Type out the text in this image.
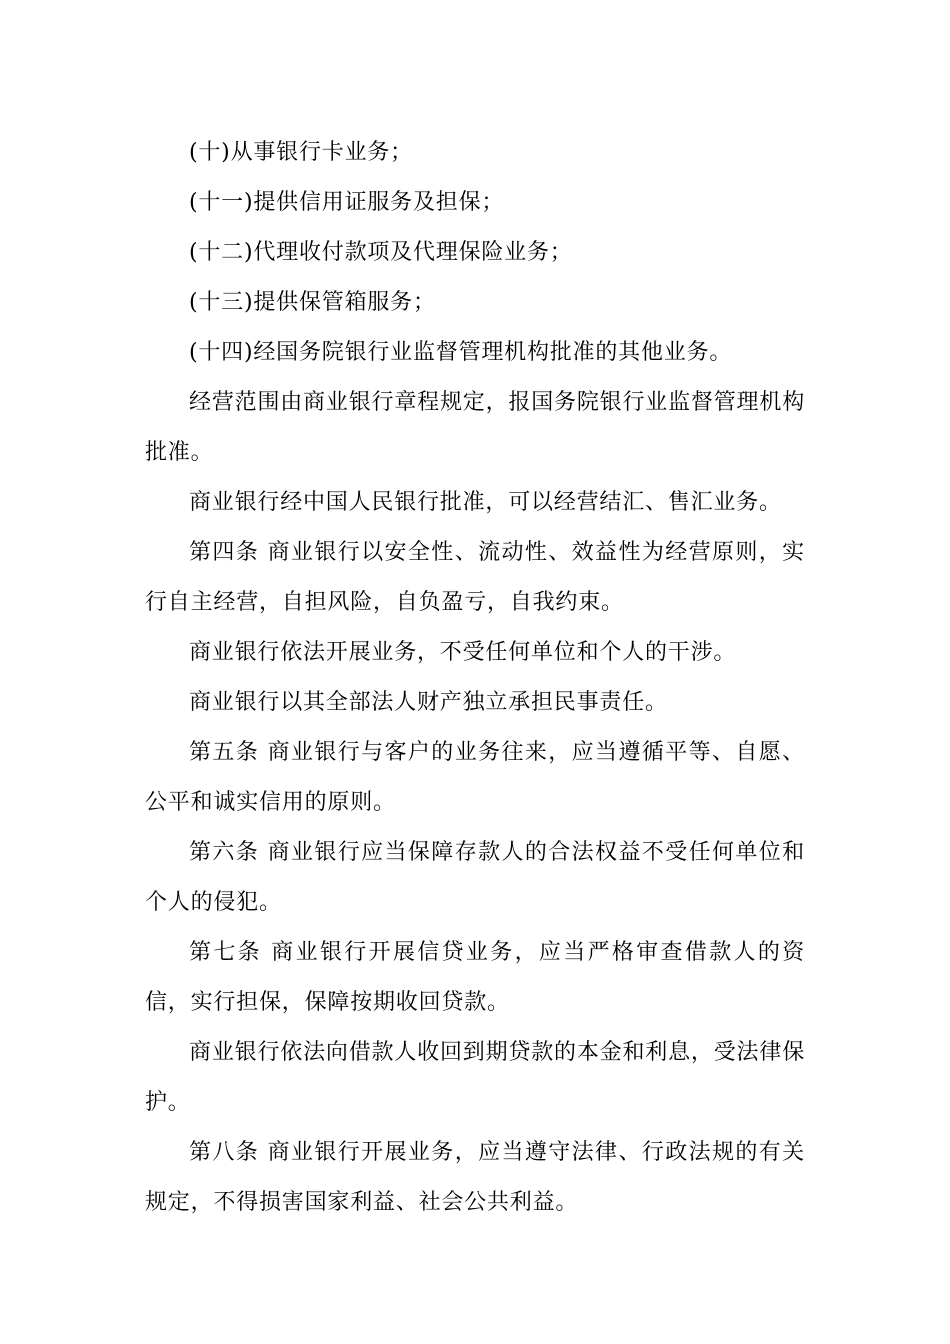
(十)从事银行卡业务；

(十一)提供信用证服务及担保；

(十二)代理收付款项及代理保险业务；

(十三)提供保管箱服务；

(十四)经国务院银行业监督管理机构批准的其他业务。

经营范围由商业银行章程规定，报国务院银行业监督管理机构批准。

商业银行经中国人民银行批准，可以经营结汇、售汇业务。

第四条 商业银行以安全性、流动性、效益性为经营原则，实行自主经营，自担风险，自负盈亏，自我约束。

商业银行依法开展业务，不受任何单位和个人的干涉。

商业银行以其全部法人财产独立承担民事责任。

第五条 商业银行与客户的业务往来，应当遵循平等、自愿、公平和诚实信用的原则。

第六条 商业银行应当保障存款人的合法权益不受任何单位和个人的侵犯。

第七条 商业银行开展信贷业务，应当严格审查借款人的资信，实行担保，保障按期收回贷款。

商业银行依法向借款人收回到期贷款的本金和利息，受法律保护。

第八条 商业银行开展业务，应当遵守法律、行政法规的有关规定，不得损害国家利益、社会公共利益。
